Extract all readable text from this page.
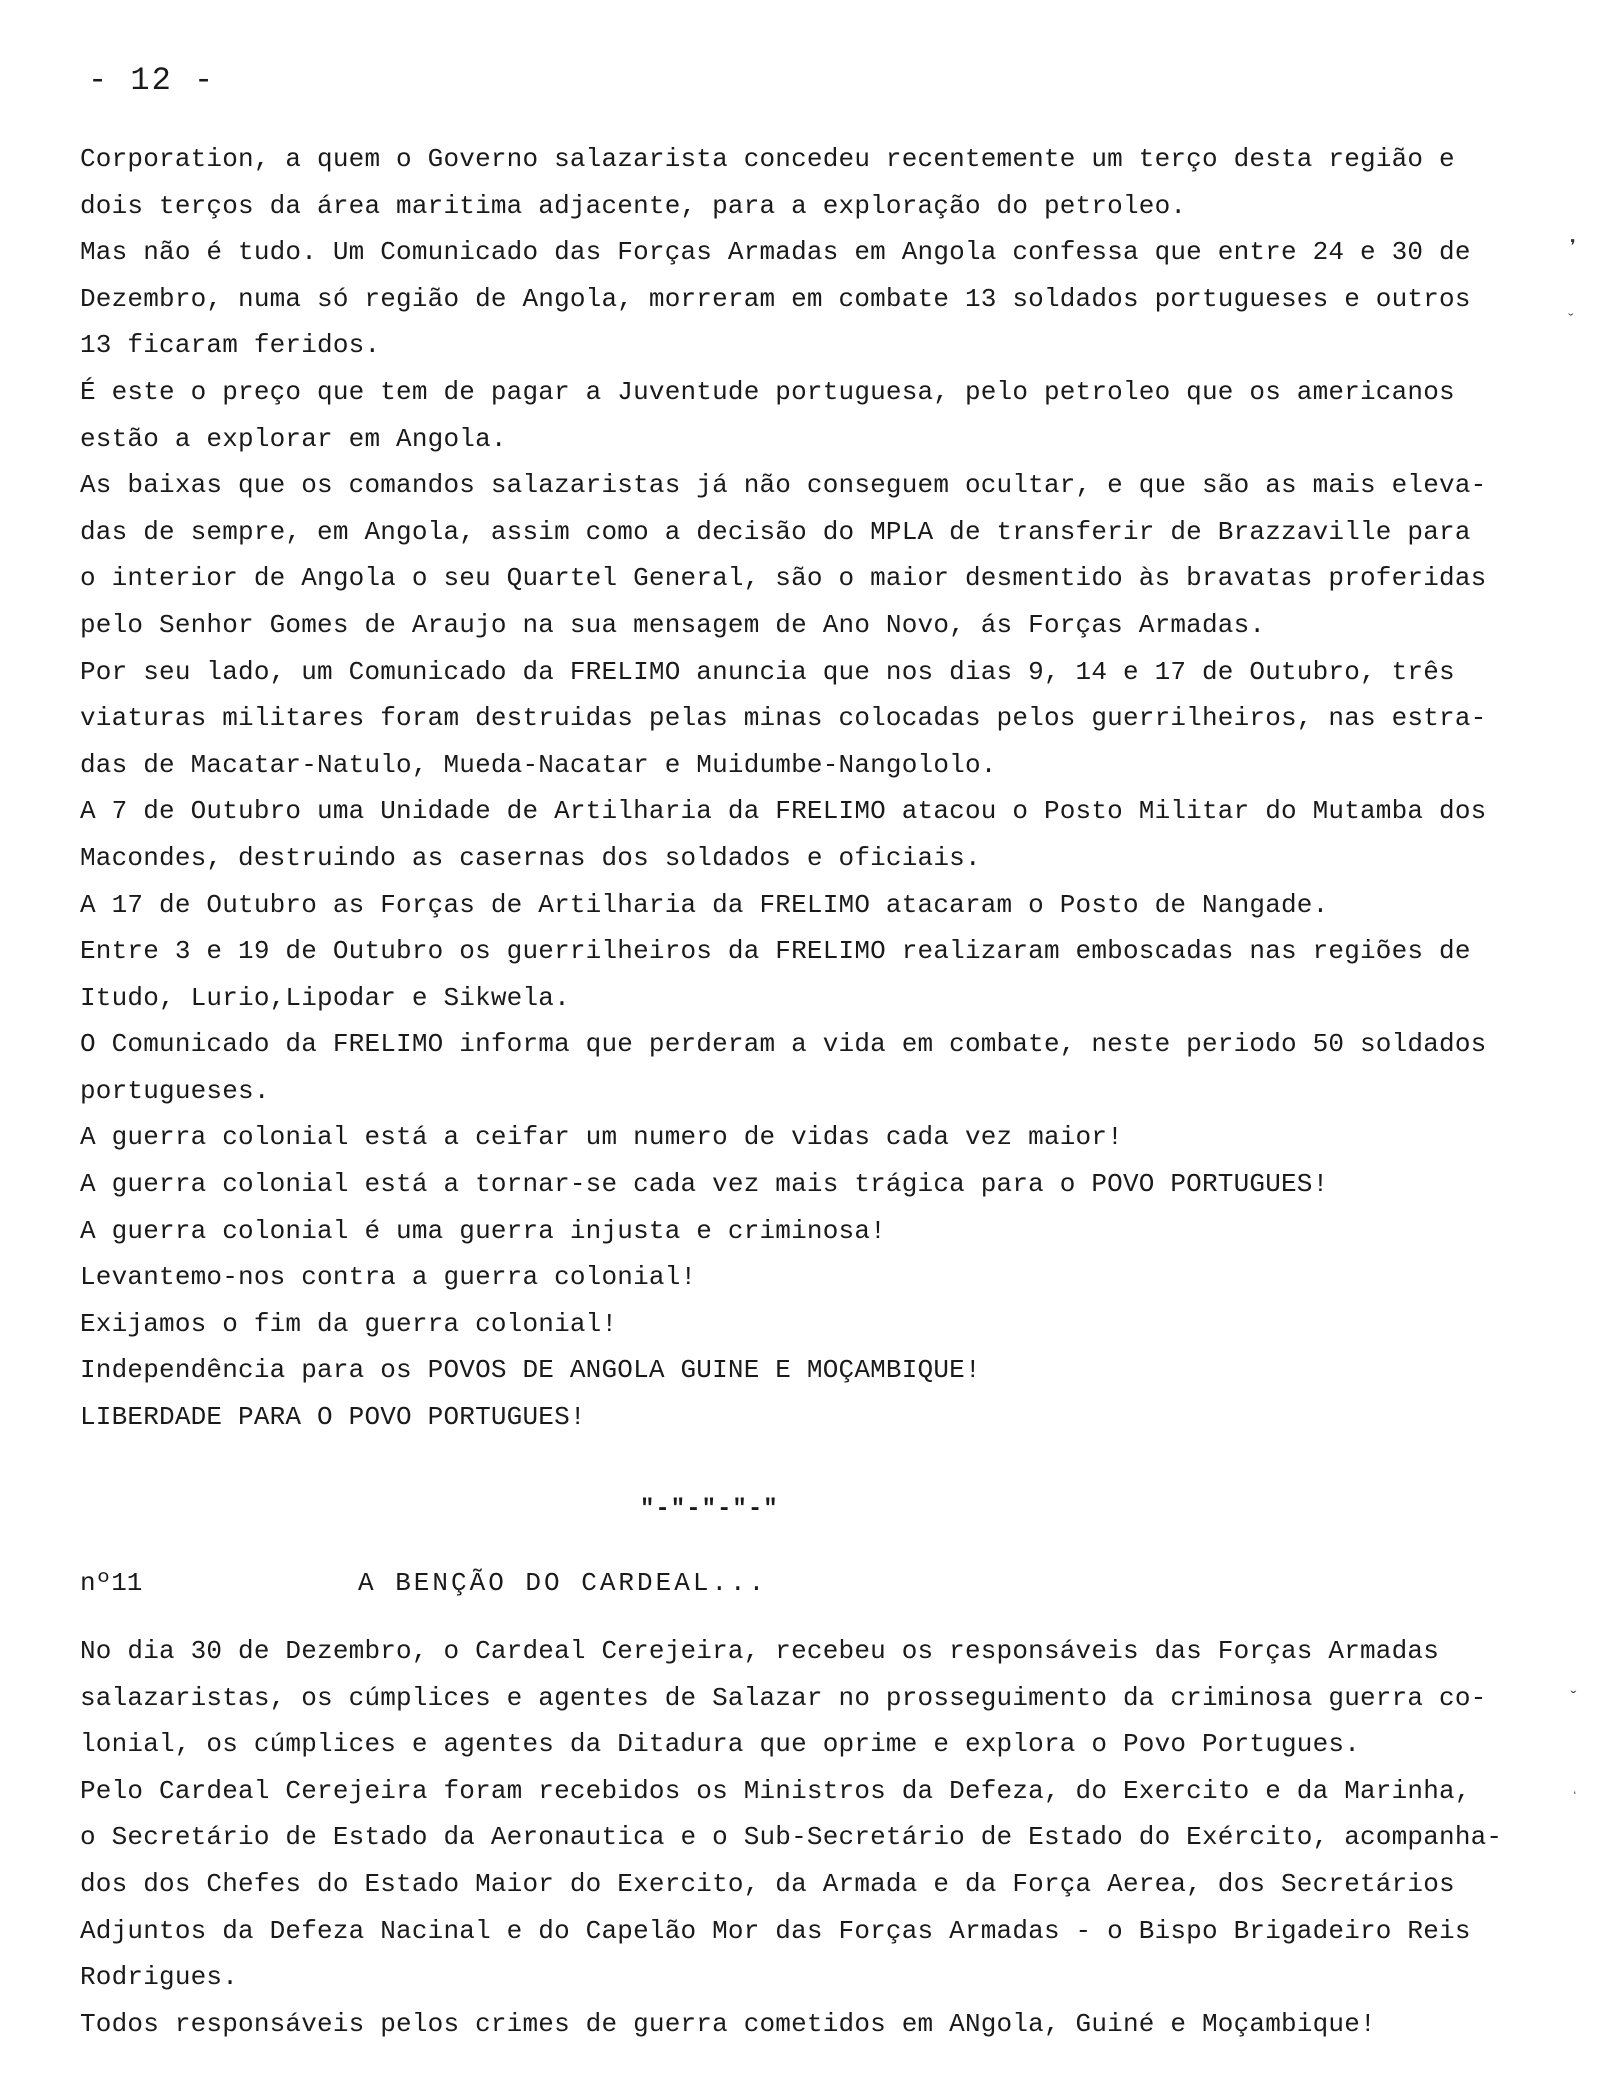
- 12 -
Corporation, a quem o Governo salazarista concedeu recentemente um terço desta região e
dois terços da área maritima adjacente, para a exploração do petroleo.
Mas não é tudo. Um Comunicado das Forças Armadas em Angola confessa que entre 24 e 30 de
Dezembro, numa só região de Angola, morreram em combate 13 soldados portugueses e outros
13 ficaram feridos.
É este o preço que tem de pagar a Juventude portuguesa, pelo petroleo que os americanos
estão a explorar em Angola.
As baixas que os comandos salazaristas já não conseguem ocultar, e que são as mais eleva-
das de sempre, em Angola, assim como a decisão do MPLA de transferir de Brazzaville para
o interior de Angola o seu Quartel General, são o maior desmentido às bravatas proferidas
pelo Senhor Gomes de Araujo na sua mensagem de Ano Novo, ás Forças Armadas.
Por seu lado, um Comunicado da FRELIMO anuncia que nos dias 9, 14 e 17 de Outubro, três
viaturas militares foram destruidas pelas minas colocadas pelos guerrilheiros, nas estra-
das de Macatar-Natulo, Mueda-Nacatar e Muidumbe-Nangololo.
A 7 de Outubro uma Unidade de Artilharia da FRELIMO atacou o Posto Militar do Mutamba dos
Macondes, destruindo as casernas dos soldados e oficiais.
A 17 de Outubro as Forças de Artilharia da FRELIMO atacaram o Posto de Nangade.
Entre 3 e 19 de Outubro os guerrilheiros da FRELIMO realizaram emboscadas nas regiões de
Itudo, Lurio,Lipodar e Sikwela.
O Comunicado da FRELIMO informa que perderam a vida em combate, neste periodo 50 soldados
portugueses.
A guerra colonial está a ceifar um numero de vidas cada vez maior!
A guerra colonial está a tornar-se cada vez mais trágica para o POVO PORTUGUES!
A guerra colonial é uma guerra injusta e criminosa!
Levantemo-nos contra a guerra colonial!
Exijamos o fim da guerra colonial!
Independência para os POVOS DE ANGOLA GUINE E MOÇAMBIQUE!
LIBERDADE PARA O POVO PORTUGUES!
"-"-"-"-"
nº11	A BENÇÃO DO CARDEAL...
No dia 30 de Dezembro, o Cardeal Cerejeira, recebeu os responsáveis das Forças Armadas
salazaristas, os cúmplices e agentes de Salazar no prosseguimento da criminosa guerra co-
lonial, os cúmplices e agentes da Ditadura que oprime e explora o Povo Portugues.
Pelo Cardeal Cerejeira foram recebidos os Ministros da Defeza, do Exercito e da Marinha,
o Secretário de Estado da Aeronautica e o Sub-Secretário de Estado do Exército, acompanha-
dos dos Chefes do Estado Maior do Exercito, da Armada e da Força Aerea, dos Secretários
Adjuntos da Defeza Nacinal e do Capelão Mor das Forças Armadas - o Bispo Brigadeiro Reis
Rodrigues.
Todos responsáveis pelos crimes de guerra cometidos em ANgola, Guiné e Moçambique!
❜
ˇ
ˇ
ˌ
